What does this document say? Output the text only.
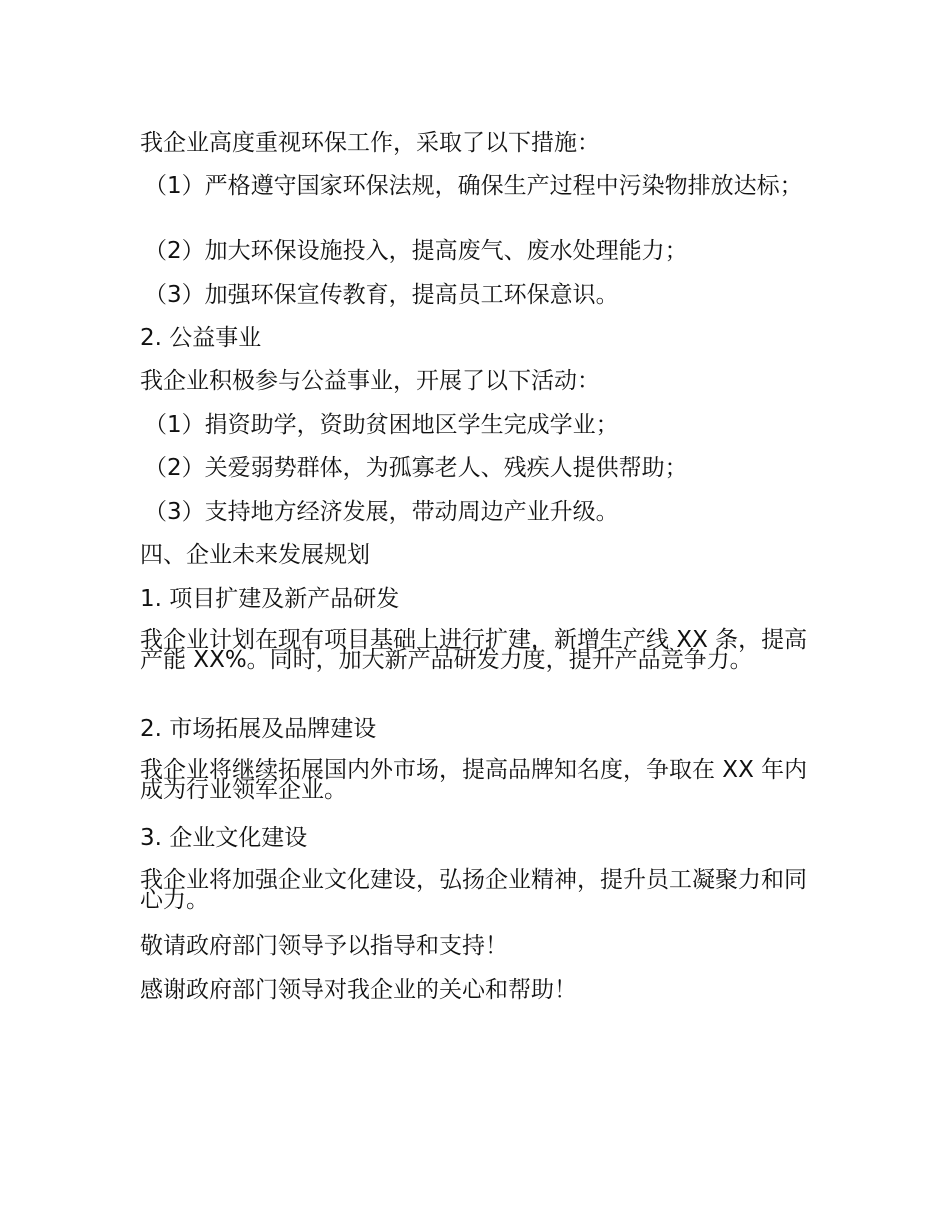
我企业高度重视环保工作，采取了以下措施：
（1）严格遵守国家环保法规，确保生产过程中污染物排放达标；
（2）加大环保设施投入，提高废气、废水处理能力；
（3）加强环保宣传教育，提高员工环保意识。
2. 公益事业
我企业积极参与公益事业，开展了以下活动：
（1）捐资助学，资助贫困地区学生完成学业；
（2）关爱弱势群体，为孤寡老人、残疾人提供帮助；
（3）支持地方经济发展，带动周边产业升级。
四、企业未来发展规划
1. 项目扩建及新产品研发
我企业计划在现有项目基础上进行扩建，新增生产线 XX 条，提高产能 XX%。同时，加大新产品研发力度，提升产品竞争力。
2. 市场拓展及品牌建设
我企业将继续拓展国内外市场，提高品牌知名度，争取在 XX 年内成为行业领军企业。
3. 企业文化建设
我企业将加强企业文化建设，弘扬企业精神，提升员工凝聚力和同心力。
敬请政府部门领导予以指导和支持！
感谢政府部门领导对我企业的关心和帮助！
